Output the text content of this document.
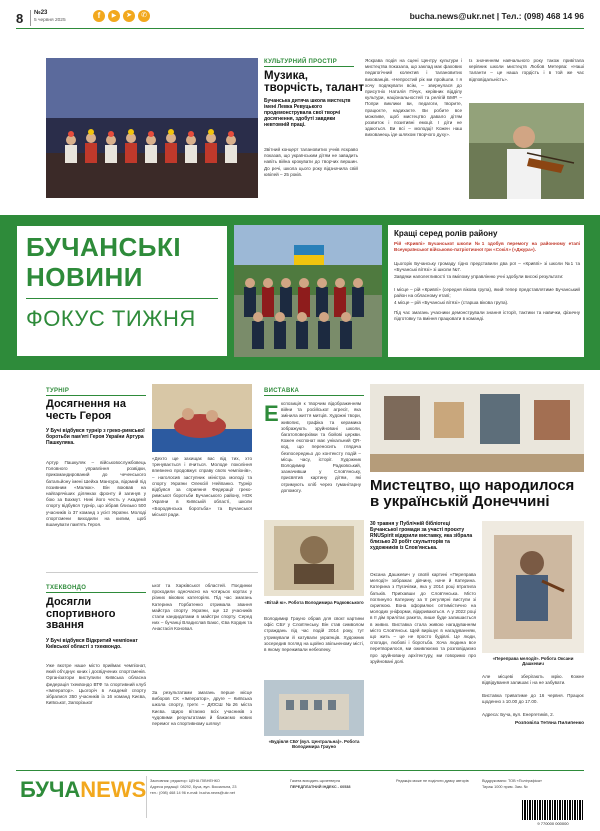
8 №23
5 червня 2025
f	▶	➤	✆	bucha.news@ukr.net | Тел.: (098) 468 14 96
КУЛЬТУРНИЙ ПРОСТІР
Музика, творчість, талант
Бучанська дитяча школа мистецтв імені Левка Ревуцького продемонструвала свої творчі досягнення, здобуті завдяки невтомній праці.
Звітний концерт талановитих учнів яскраво показав, що українським дітям не завадить навіть війна крокувати до творчих вершин. До речі, школа цього року відзначила свій ювілей – 25 років.
Яскрава подія на сцені Центру культури і мистецтва показала, що заклад має фахових педагогічний колектив і талановитих вихованців. «Непростий рік ми пройшли. І я хочу подякувати всім, – звернулася до присутніх Наталія Пічук, керівник відділу культури, національностей та релігій БМР. – Попри виклики ви, педагоги, творите, працюєте, надихаєте. Ви робите все можливе, щоб мистецтво давало дітям розвиток і позитивні емоції. І діти не здаються. Ви всі – молодці! Кожен наш вихованець іде шляхом творчого духу».
Із значенням навчального року також привітала керівник школи мистецтв Любов Метерва: «Наші таланти – це наша гордість і в той же час відповідальність».
БУЧАНСЬКІ
НОВИНИ
ФОКУС ТИЖНЯ
Кращі серед ролів району
Рій «Кривпі» Бучанської школи №1 здобув перемогу на районному етапі Всеукраїнської військово-патріотичної гри «Сокіл» («Джура»).
Цьогорік Бучанську громаду гідно представили два рої – «Кривпі» зі школи №1 та «Бучанські вітязі» зі школи №7.
Завдяки наполегливості та вмілому управлінню учні здобули високі результати:
І місце – рій «Кривпі» (середня вікова група), який тепер представлятиме Бучанський район на обласному етапі;
4 місце – рій «Бучанські вітязі» (старша вікова група).
Під час змагань учасники демонстрували знання історії, тактики та навички, фізичну підготовку та вміння працювати в команді.
ТУРНІР
Досягнення на честь Героя
У Бучі відбувся турнір з греко-римської боротьби пам'яті Героя України Артура Пашкуляка.
Артур Пашкуляк – військовослужбовець Головного управління розвідки, прикомандирований до чеченського батальйону імені Шейха Мансура, відомий під позивним «Малюк». Він воював на найгарячіших ділянках фронту й загинув у бою за Бахмут. Нині його честь у Академії спорту відбувся турнір, що зібрав близько 500 учасників із 37 команд з усієї України. Молоді спортсмени виходили на килим, щоб вшанувати пам'ять Героя.
«Дехто ще захищає вас від тих, хто тренувається і вчиться. Молоде покоління впевнено продовжує справу своїх чемпіонів», – наголосив заступник міністра молоді та спорту України Олексій Нейпанко. Турнір відбувся за сприяння Федерації греко-римської боротьби Бучанського району, НОК України в Київській області, школи «Бородянська боротьба» та Бучанської міської ради.
ТХЕКВОНДО
Досягли спортивного звання
У Бучі відбувся Відкритий чемпіонат Київської області з тхеквондо.
Уже вкотре наше місто приймає чемпіонат, який об'єднує юних і досвідчених спортсменів. Організатори виступили Київська обласна федерація тхеквондо ВТФ та спортивний клуб «Імператор». Цьогоріч в Академії спорту зібралися 350 учасників із 16 команд Києва, Київської, Запорізької
ької та Харківської областей. Поєдинки проходили одночасно на чотирьох кортах у різних вікових категоріях. Під час змагань Катерина Горбатенко отримала звання майстра спорту України, ще 12 учасників стали кандидатами в майстри спорту. Серед них – бучанці Владислав Баюс, Єва Кордик та Анастасія Коновал.
За результатами змагань перше місце виборов СК «Імператор», друге – Київська школа спорту, третє – ДЮСШ №26 міста Києва. Щиро вітаємо всіх учасників з чудовими результатами й бажаємо нових перемог на спортивному шляху!
ВИСТАВКА
Е кспозиція к творчим відображенням війни та російської агресії, яка змінила життя митців. Художні твори, живопис, графіка та керамика зображують зруйновані школи, багатоповерхівки та бойові церкви. Кожен експонат має унікальний QR-код, що переносить глядача безпосередньо до контексту подій – місць часу, історії. Художник Володимир Радковський, зазначивши у Слов'янську, присвятив картину дітям, які отримують хліб через гуманітарну допомогу.
«Вітай ю». Робота Володимира Радковського
Володимир Грауно обрав для своєї картини офіс СБУ у Слов'янську. Він став символом страждань під час подій 2014 року, тут утримували й катували українців. Художник зосередив погляд на щойно звільненому місті, в якому переживали небезпеку.
«Будівля СБУ (вул. Центральна)». Робота Володимира Грауно
Мистецтво, що народилося в українській Донеччині
30 травня у Публічній бібліотеці Бучанської громади за участі проєкту RNUSpirit відкрили виставку, яка зібрала близько 20 робіт скульпторів та художників із Слов'янська.
Оксана Дашкевич у своїй картині «Переправа мелодії» зображає дівчину, наче й Катерина. Катерина з Пугачівки, яка у 2014 році втратила батьків. Приїхавши до Слов'янська. Місто поглинуло Катерину за її регулярні виступи зі скрипкою. Вона оформлює оптимістично на молодих уніформи, відкриваються. А у 2022 році в її дім прилітає ракета, лише буде залишається в живих. Виставка стала живою нагадуванням місто Слов'янськ. Щей вирішує в нагадуванням, що жить – це не просто будівлі. Це люди, спогади, любові і боротьба. Хоча людина все перетворилося, ми оживлюємо та розповідаємо про зруйновану архітектуру, ми говоримо про зруйновані долі.
«Переправа мелодії». Робота Оксани Дашкевич
Але місцеві зберігають мрію. Кожне відвідування залишає і на не забувати.
Виставка триватиме до 16 червня. Працює щоденно з 10.00 до 17.00.
Адреса: Буча, вул. Енергетиків, 2.
Розповіла Тетяна Пилипенко
БУЧАNEWS Засновник: редактор: ЦЕНА ПІВНЕНКО
Адреса редакції: 08292, Буча, вул. Вокзальна, 23
тел.: (098) 468 14 96 e-mail: bucha.news@ukr.net
Газета виходить щочетверга
ПЕРЕДПЛАТНИЙ ІНДЕКС - 60538
Редакція може не поділяти думку авторів	Віддруковано: ТОВ «Поліграфіка»
Тираж 1000 прим. Зам. №
9 770000 000000
